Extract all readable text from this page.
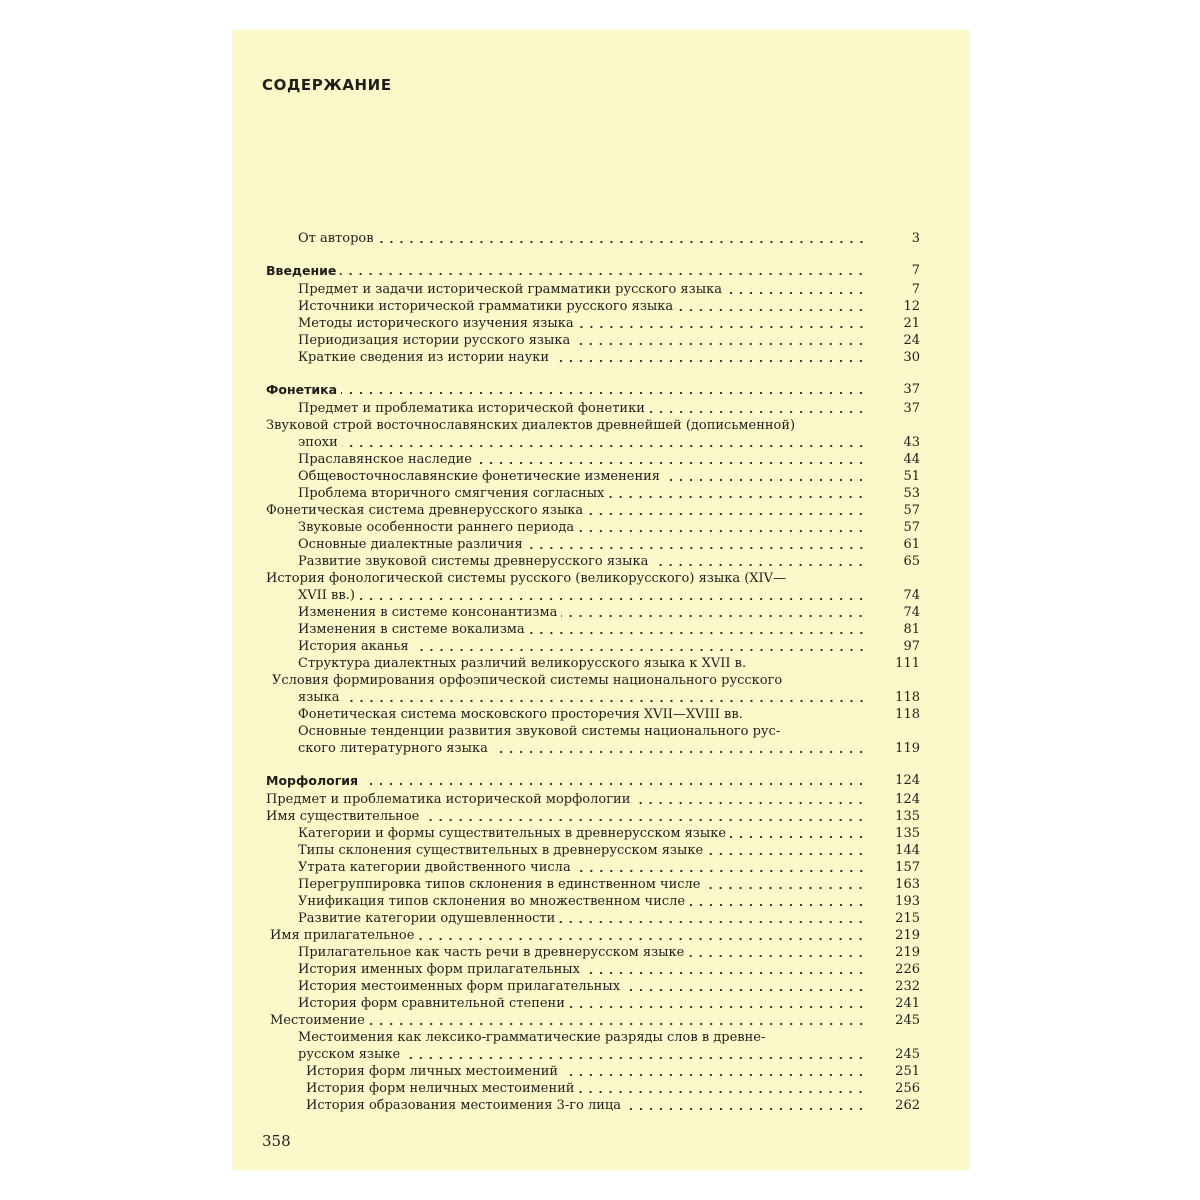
СОДЕРЖАНИЕ
От авторов	3
Введение	7
Предмет и задачи исторической грамматики русского языка	7
Источники исторической грамматики русского языка	12
Методы исторического изучения языка	21
Периодизация истории русского языка	24
Краткие сведения из истории науки	30
Фонетика	37
Предмет и проблематика исторической фонетики	37
Звуковой строй восточнославянских диалектов древнейшей (дописьменной)
эпохи	43
Праславянское наследие	44
Общевосточнославянские фонетические изменения	51
Проблема вторичного смягчения согласных	53
Фонетическая система древнерусского языка	57
Звуковые особенности раннего периода	57
Основные диалектные различия	61
Развитие звуковой системы древнерусского языка	65
История фонологической системы русского (великорусского) языка (XIV—
XVII вв.)	74
Изменения в системе консонантизма	74
Изменения в системе вокализма	81
История аканья	97
Структура диалектных различий великорусского языка к XVII в.	111
Условия формирования орфоэпической системы национального русского
языка	118
Фонетическая система московского просторечия XVII—XVIII вв.	118
Основные тенденции развития звуковой системы национального рус-
ского литературного языка	119
Морфология	124
Предмет и проблематика исторической морфологии	124
Имя существительное	135
Категории и формы существительных в древнерусском языке	135
Типы склонения существительных в древнерусском языке	144
Утрата категории двойственного числа	157
Перегруппировка типов склонения в единственном числе	163
Унификация типов склонения во множественном числе	193
Развитие категории одушевленности	215
Имя прилагательное	219
Прилагательное как часть речи в древнерусском языке	219
История именных форм прилагательных	226
История местоименных форм прилагательных	232
История форм сравнительной степени	241
Местоимение	245
Местоимения как лексико-грамматические разряды слов в древне-
русском языке	245
История форм личных местоимений	251
История форм неличных местоимений	256
История образования местоимения 3-го лица	262
358
